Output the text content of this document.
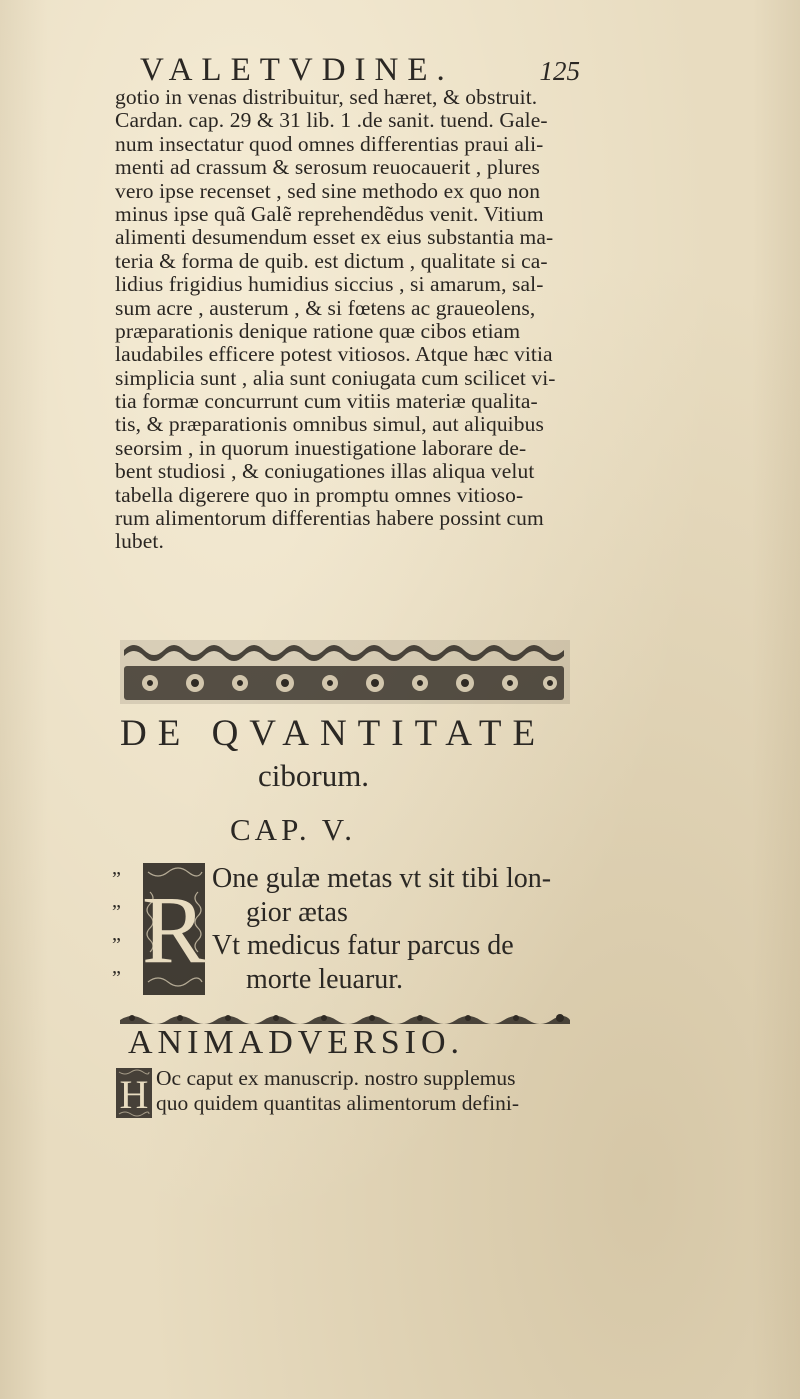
VALETVDINE.	125
gotio in venas distribuitur, sed hæret, & obstruit.
Cardan. cap. 29 & 31 lib. 1 .de sanit. tuend. Gale-
num insectatur quod omnes differentias praui ali-
menti ad crassum & serosum reuocauerit , plures
vero ipse recenset , sed sine methodo ex quo non
minus ipse quã Galẽ reprehendẽdus venit. Vitium
alimenti desumendum esset ex eius substantia ma-
teria & forma de quib. est dictum , qualitate si ca-
lidius frigidius humidius siccius , si amarum, sal-
sum acre , austerum , & si fœtens ac graueolens,
præparationis denique ratione quæ cibos etiam
laudabiles efficere potest vitiosos. Atque hæc vitia
simplicia sunt , alia sunt coniugata cum scilicet vi-
tia formæ concurrunt cum vitiis materiæ qualita-
tis, & præparationis omnibus simul, aut aliquibus
seorsim , in quorum inuestigatione laborare de-
bent studiosi , & coniugationes illas aliqua velut
tabella digerere quo in promptu omnes vitioso-
rum alimentorum differentias habere possint cum
lubet.
DE QVANTITATE
ciborum.
CAP. V.
”
”
”
” R One gulæ metas vt sit tibi lon-
gior ætas
Vt medicus fatur parcus de
morte leuarur.
ANIMADVERSIO.
H Oc caput ex manuscrip. nostro supplemus
quo quidem quantitas alimentorum defini-
